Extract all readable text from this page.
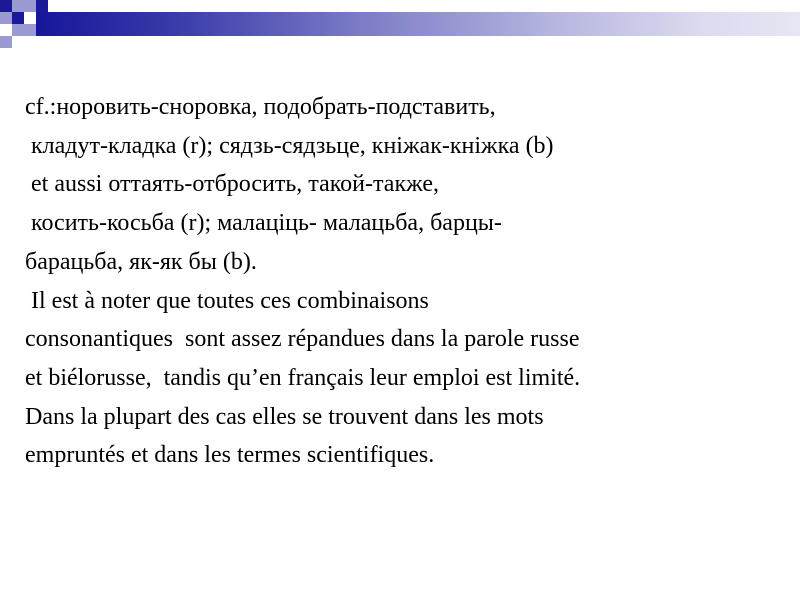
cf.:норовить-сноровка, подобрать-подставить,
кладут-кладка (r); сядзь-сядзьце, кніжак-кніжка (b)
et aussi оттаять-отбросить, такой-также,
косить-косьба (r); малаціць- малацьба, барцы-
барацьба, як-як бы (b).
Il est à noter que toutes ces combinaisons
consonantiques  sont assez répandues dans la parole russe
et biélorusse,  tandis qu’en français leur emploi est limité.
Dans la plupart des cas elles se trouvent dans les mots
empruntés et dans les termes scientifiques.
